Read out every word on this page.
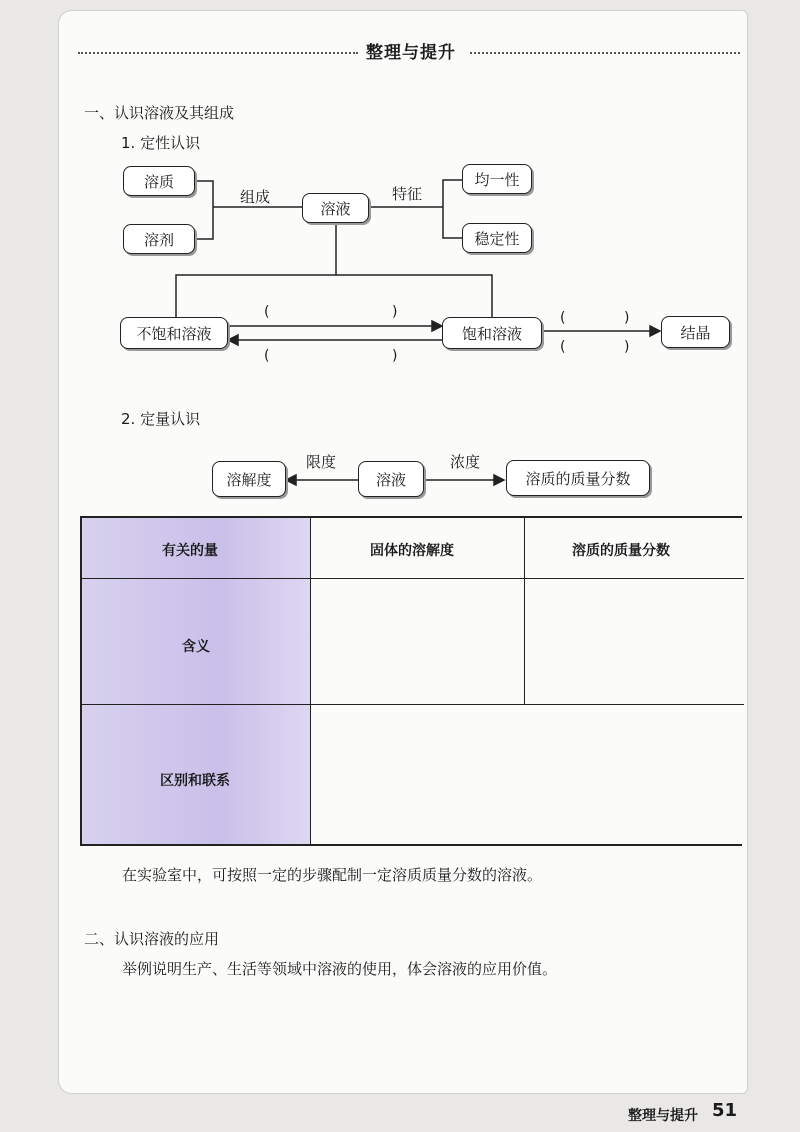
整理与提升
一、认识溶液及其组成
1. 定性认识
溶质
溶剂
组成
溶液
特征
均一性
稳定性
不饱和溶液	饱和溶液	结晶
(	)
(	)
(	)
(	)
2. 定量认识
溶解度
限度
溶液
浓度
溶质的质量分数
有关的量	固体的溶解度	溶质的质量分数
含义
区别和联系
在实验室中，可按照一定的步骤配制一定溶质质量分数的溶液。
二、认识溶液的应用
举例说明生产、生活等领域中溶液的使用，体会溶液的应用价值。
整理与提升 51
